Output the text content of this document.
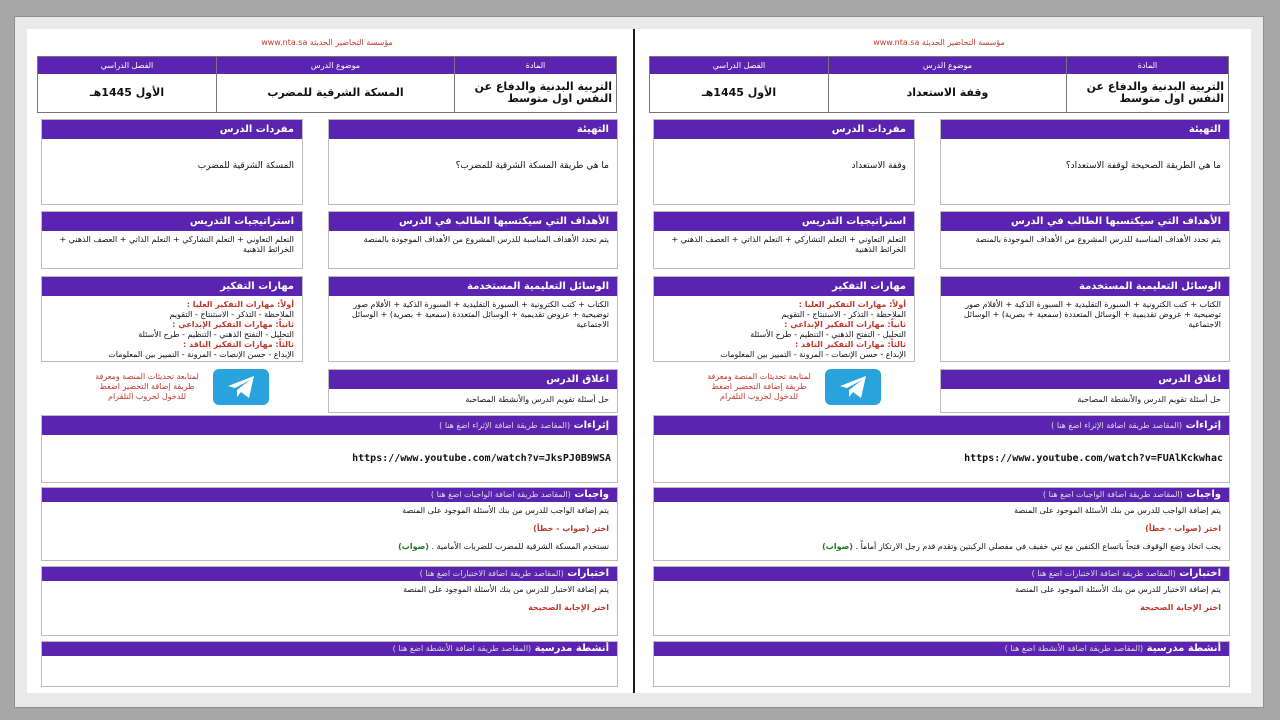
www.nta.sa مؤسسة التحاضير الحديثة
الفصل الدراسي
الأول 1445هـ
موضوع الدرس
المسكة الشرقية للمضرب
المادة
التربية البدنية والدفاع عن النفس اول متوسط
التهيئة
ما هي طريقة المسكة الشرقية للمضرب؟
مفردات الدرس
المسكة الشرقية للمضرب
الأهداف التي سيكتسبها الطالب في الدرس
يتم تحدد الأهداف المناسبة للدرس المشروع من الأهداف الموجودة بالمنصة
استراتيجيات التدريس
التعلم التعاوني + التعلم التشاركي + التعلم الذاتي + العصف الذهني + الخرائط الذهنية
الوسائل التعليمية المستخدمة
الكتاب + كتب الكترونية + السبورة التقليدية + السبورة الذكية + الأفلام صور توضيحية + عروض تقديمية + الوسائل المتعددة (سمعية + بصرية) + الوسائل الاجتماعية
مهارات التفكير
أولاً: مهارات التفكير العليا :
الملاحظة - التذكر - الاستنتاج - التقويم
ثانياً: مهارات التفكير الإبداعي :
التحليل - التفتح الذهني - التنظيم - طرح الأسئلة
ثالثاً: مهارات التفكير الناقد :
الإبداع - حسن الإنصات - المرونة - التمييز بين المعلومات
لمتابعة تحديثات المنصة ومعرفة طريقة إضافة التحضير اضغط للدخول لجروب التلقرام
اغلاق الدرس
حل أسئلة تقويم الدرس والأنشطة المصاحبة
إثراءات (المقاصد طريقة اضافة الإثراء اضغ هنا )
https://www.youtube.com/watch?v=JksPJ0B9WSA
واجبات (المقاصد طريقة اضافة الواجبات اضغ هنا )
يتم إضافة الواجب للدرس من بنك الأسئلة الموجود على المنصة
اختر (صواب - خطأ)
تستخدم المسكة الشرقية للمضرب للضربات الأمامية . (صواب)
اختبارات (المقاصد طريقة اضافة الاختبارات اضغ هنا )
يتم إضافة الاختبار للدرس من بنك الأسئلة الموجود على المنصة
اختر الإجابة الصحيحة
أنشطة مدرسية (المقاصد طريقة اضافة الأنشطة اضغ هنا )
www.nta.sa مؤسسة التحاضير الحديثة
الفصل الدراسي
الأول 1445هـ
موضوع الدرس
وقفة الاستعداد
المادة
التربية البدنية والدفاع عن النفس اول متوسط
التهيئة
ما هي الطريقة الصحيحة لوقفة الاستعداد؟
مفردات الدرس
وقفة الاستعداد
الأهداف التي سيكتسبها الطالب في الدرس
يتم تحدد الأهداف المناسبة للدرس المشروع من الأهداف الموجودة بالمنصة
استراتيجيات التدريس
التعلم التعاوني + التعلم التشاركي + التعلم الذاتي + العصف الذهني + الخرائط الذهنية
الوسائل التعليمية المستخدمة
الكتاب + كتب الكترونية + السبورة التقليدية + السبورة الذكية + الأفلام صور توضيحية + عروض تقديمية + الوسائل المتعددة (سمعية + بصرية) + الوسائل الاجتماعية
مهارات التفكير
أولاً: مهارات التفكير العليا :
الملاحظة - التذكر - الاستنتاج - التقويم
ثانياً: مهارات التفكير الإبداعي :
التحليل - التفتح الذهني - التنظيم - طرح الأسئلة
ثالثاً: مهارات التفكير الناقد :
الإبداع - حسن الإنصات - المرونة - التمييز بين المعلومات
لمتابعة تحديثات المنصة ومعرفة طريقة إضافة التحضير اضغط للدخول لجروب التلقرام
اغلاق الدرس
حل أسئلة تقويم الدرس والأنشطة المصاحبة
إثراءات (المقاصد طريقة اضافة الإثراء اضغ هنا )
https://www.youtube.com/watch?v=FUAlKckwhac
واجبات (المقاصد طريقة اضافة الواجبات اضغ هنا )
يتم إضافة الواجب للدرس من بنك الأسئلة الموجود على المنصة
اختر (صواب - خطأ)
يجب اتخاذ وضع الوقوف فتحاً باتساع الكتفين مع ثني خفيف في مفصلي الركبتين وتقدم قدم رجل الارتكاز أماماً . (صواب)
اختبارات (المقاصد طريقة اضافة الاختبارات اضغ هنا )
يتم إضافة الاختبار للدرس من بنك الأسئلة الموجود على المنصة
اختر الإجابة الصحيحة
أنشطة مدرسية (المقاصد طريقة اضافة الأنشطة اضغ هنا )
